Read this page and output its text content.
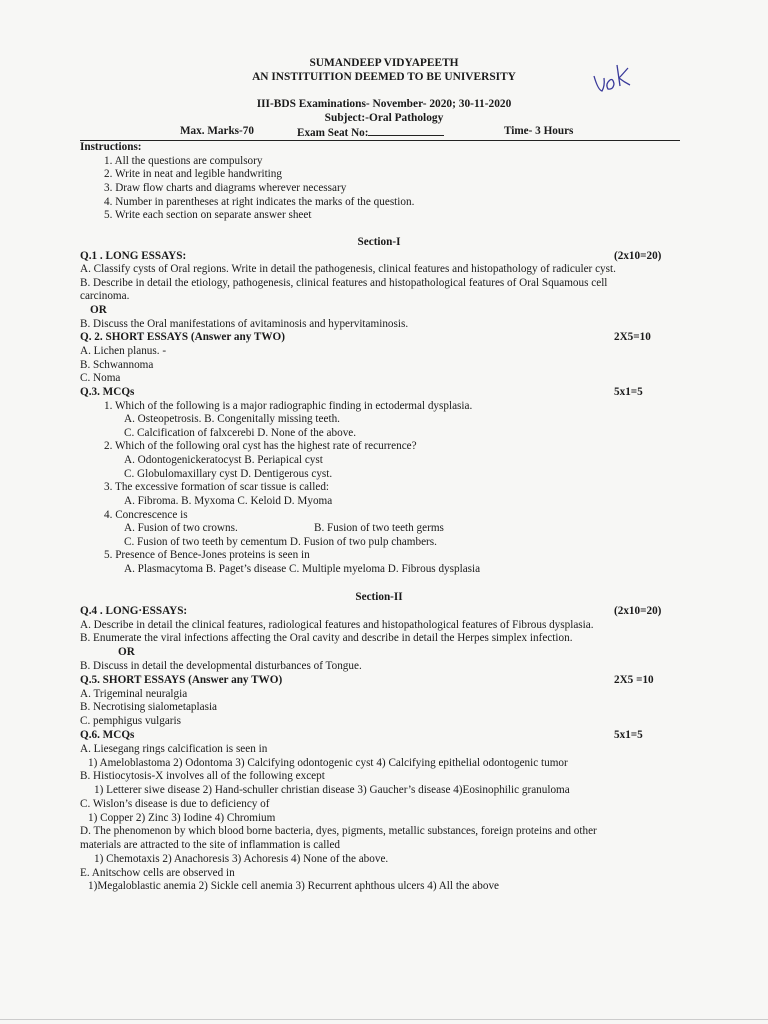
SUMANDEEP VIDYAPEETH
AN INSTITUITION DEEMED TO BE UNIVERSITY
III-BDS Examinations- November- 2020; 30-11-2020
Subject:-Oral Pathology
Max. Marks-70	Exam Seat No:	Time- 3 Hours
Instructions:
1. All the questions are compulsory
2. Write in neat and legible handwriting
3. Draw flow charts and diagrams wherever necessary
4. Number in parentheses at right indicates the marks of the question.
5. Write each section on separate answer sheet
Section-I
Q.1 . LONG ESSAYS:	(2x10=20)
A. Classify cysts of Oral regions. Write in detail the pathogenesis, clinical features and histopathology of radiculer cyst.
B. Describe in detail the etiology, pathogenesis, clinical features and histopathological features of Oral Squamous cell
carcinoma.
OR
B. Discuss the Oral manifestations of avitaminosis and hypervitaminosis.
Q. 2. SHORT ESSAYS (Answer any TWO)	2X5=10
A. Lichen planus. -
B. Schwannoma
C. Noma
Q.3. MCQs	5x1=5
1. Which of the following is a major radiographic finding in ectodermal dysplasia.
A. Osteopetrosis. B. Congenitally missing teeth.
C. Calcification of falxcerebi D. None of the above.
2. Which of the following oral cyst has the highest rate of recurrence?
A. Odontogenickeratocyst B. Periapical cyst
C. Globulomaxillary cyst D. Dentigerous cyst.
3. The excessive formation of scar tissue is called:
A. Fibroma. B. Myxoma C. Keloid D. Myoma
4. Concrescence is
A. Fusion of two crowns.	B. Fusion of two teeth germs
C. Fusion of two teeth by cementum D. Fusion of two pulp chambers.
5. Presence of Bence-Jones proteins is seen in
A. Plasmacytoma B. Paget’s disease C. Multiple myeloma D. Fibrous dysplasia
Section-II
Q.4 . LONG·ESSAYS:	(2x10=20)
A. Describe in detail the clinical features, radiological features and histopathological features of Fibrous dysplasia.
B. Enumerate the viral infections affecting the Oral cavity and describe in detail the Herpes simplex infection.
OR
B. Discuss in detail the developmental disturbances of Tongue.
Q.5. SHORT ESSAYS (Answer any TWO)	2X5 =10
A. Trigeminal neuralgia
B. Necrotising sialometaplasia
C. pemphigus vulgaris
Q.6. MCQs	5x1=5
A. Liesegang rings calcification is seen in
1) Ameloblastoma 2) Odontoma 3) Calcifying odontogenic cyst 4) Calcifying epithelial odontogenic tumor
B. Histiocytosis-X involves all of the following except
1) Letterer siwe disease 2) Hand-schuller christian disease 3) Gaucher’s disease 4)Eosinophilic granuloma
C. Wislon’s disease is due to deficiency of
1) Copper 2) Zinc 3) Iodine 4) Chromium
D. The phenomenon by which blood borne bacteria, dyes, pigments, metallic substances, foreign proteins and other
materials are attracted to the site of inflammation is called
1) Chemotaxis 2) Anachoresis 3) Achoresis 4) None of the above.
E. Anitschow cells are observed in
1)Megaloblastic anemia 2) Sickle cell anemia 3) Recurrent aphthous ulcers 4) All the above
